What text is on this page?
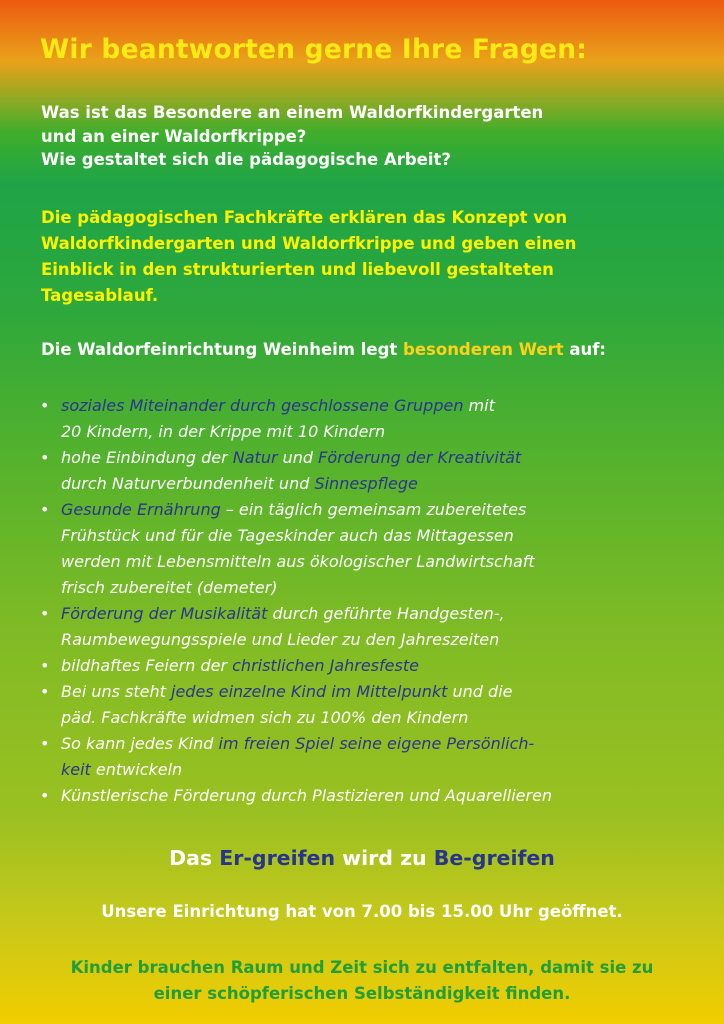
Wir beantworten gerne Ihre Fragen:
Was ist das Besondere an einem Waldorfkindergarten
und an einer Waldorfkrippe?
Wie gestaltet sich die pädagogische Arbeit?
Die pädagogischen Fachkräfte erklären das Konzept von
Waldorfkindergarten und Waldorfkrippe und geben einen
Einblick in den strukturierten und liebevoll gestalteten
Tagesablauf.
Die Waldorfeinrichtung Weinheim legt besonderen Wert auf:
• soziales Miteinander durch geschlossene Gruppen mit
20 Kindern, in der Krippe mit 10 Kindern
• hohe Einbindung der Natur und Förderung der Kreativität
durch Naturverbundenheit und Sinnespflege
• Gesunde Ernährung – ein täglich gemeinsam zubereitetes
Frühstück und für die Tageskinder auch das Mittagessen
werden mit Lebensmitteln aus ökologischer Landwirtschaft
frisch zubereitet (demeter)
• Förderung der Musikalität durch geführte Handgesten-,
Raumbewegungsspiele und Lieder zu den Jahreszeiten
• bildhaftes Feiern der christlichen Jahresfeste
• Bei uns steht jedes einzelne Kind im Mittelpunkt und die
päd. Fachkräfte widmen sich zu 100% den Kindern
• So kann jedes Kind im freien Spiel seine eigene Persönlich-
keit entwickeln
• Künstlerische Förderung durch Plastizieren und Aquarellieren
Das Er-greifen wird zu Be-greifen
Unsere Einrichtung hat von 7.00 bis 15.00 Uhr geöffnet.
Kinder brauchen Raum und Zeit sich zu entfalten, damit sie zu
einer schöpferischen Selbständigkeit finden.
